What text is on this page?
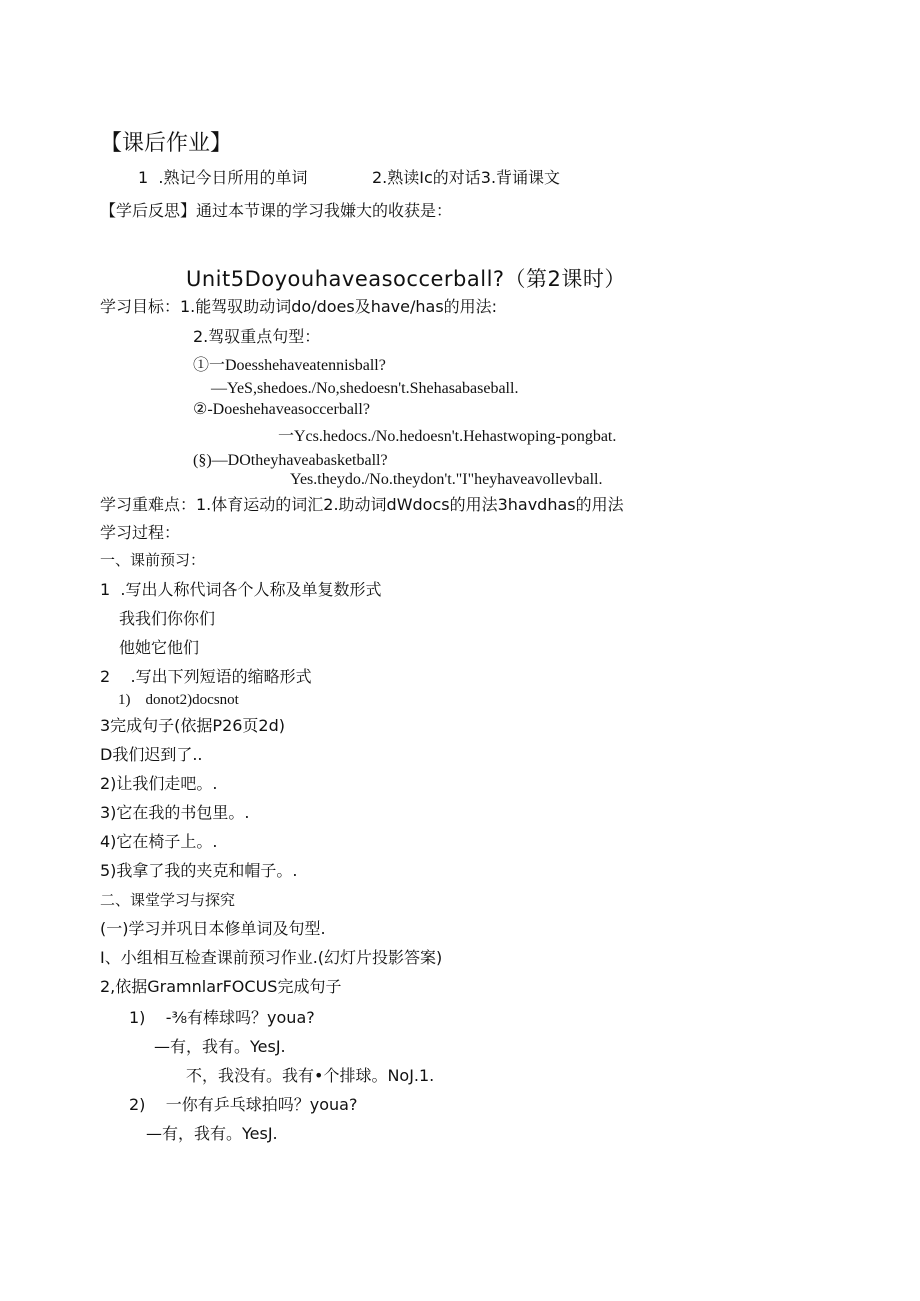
【课后作业】
1  .熟记今日所用的单词	2.熟读Ic的对话3.背诵课文
【学后反思】通过本节课的学习我嫌大的收获是：
Unit5Doyouhaveasoccerball?（第2课时）
学习目标：1.能驾驭助动词do/does及have/has的用法:
2.驾驭重点句型：
①一Doesshehaveatennisball?
—YeS,shedoes./No,shedoesn't.Shehasabaseball.
②-Doeshehaveasoccerball?
一Ycs.hedocs./No.hedoesn't.Hehastwoping-pongbat.
(§)—DOtheyhaveabasketball?
Yes.theydo./No.theydon't."I"heyhaveavollevball.
学习重难点：1.体育运动的词汇2.助动词dWdocs的用法3havdhas的用法
学习过程：
一、课前预习：
1  .写出人称代词各个人称及单复数形式
我我们你你们
他她它他们
2    .写出下列短语的缩略形式
1)    donot2)docsnot
3完成句子(依据P26页2d)
D我们迟到了..
2)让我们走吧。.
3)它在我的书包里。.
4)它在椅子上。.
5)我拿了我的夹克和帽子。.
二、课堂学习与探究
(一)学习并巩日本修单词及句型.
I、小组相互检查课前预习作业.(幻灯片投影答案)
2,依据GramnlarFOCUS完成句子
1)    -⅜有棒球吗？youa?
—有，我有。YesJ.
不，我没有。我有•个排球。NoJ.1.
2)    一你有乒乓球拍吗？youa?
—有，我有。YesJ.
